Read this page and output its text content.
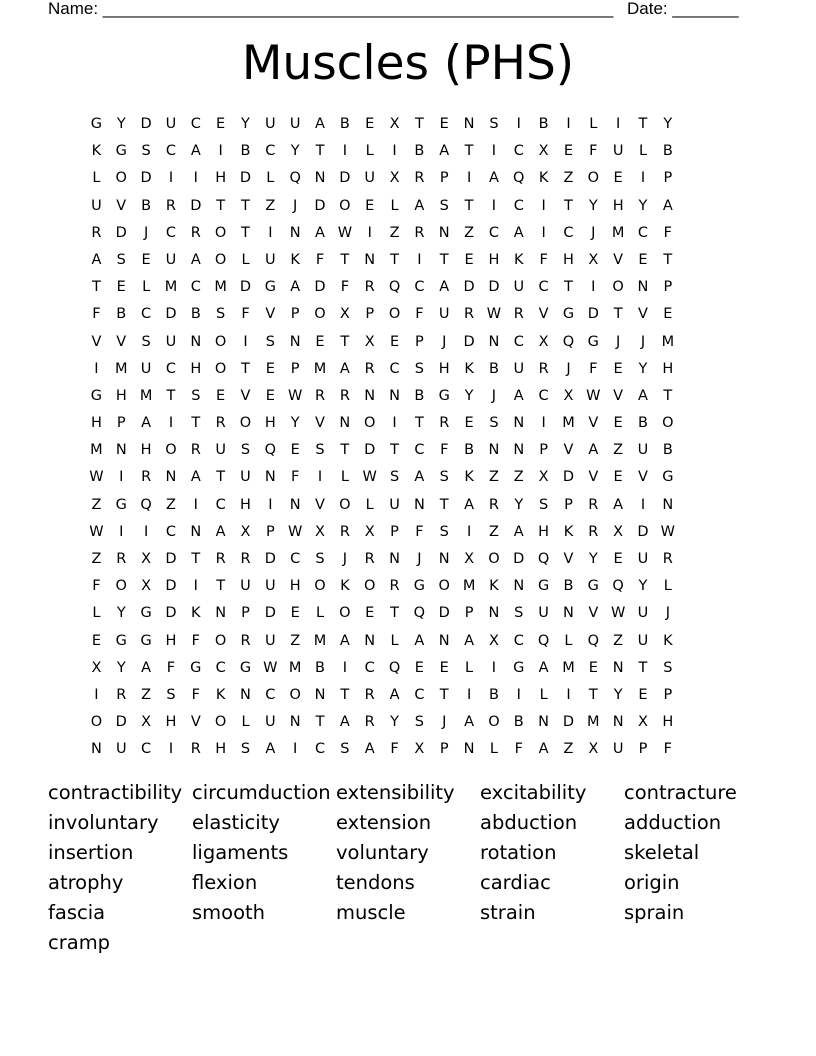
Name: ______________________________________________________ Date: _______
Muscles (PHS)
G	Y	D U C	E	Y	U U	A	B	E	X	T	E	N	S	I	B	I	L	I	T	Y
K G	S	C	A	I	B	C	Y	T	I	L	I	B	A	T	I	C	X	E	F	U	L	B
L	O D	I	I	H D	L	Q N D U	X	R	P	I	A Q K	Z O	E	I	P
U	V	B	R D	T	T	Z	J	D O	E	L	A	S	T	I	C	I	T	Y	H	Y	A
R D	J	C	R O	T	I	N A W	I	Z	R N Z	C	A	I	C	J	M C	F
A	S	E	U	A O	L	U	K	F	T	N	T	I	T	E	H	K	F	H X	V	E	T
T	E	L	M C M D G A D	F	R Q C	A D D U C	T	I	O N	P
F	B	C D B	S	F	V	P	O X	P	O	F	U R W R	V G D	T	V	E
V	V	S	U N O	I	S	N	E	T	X	E	P	J	D N C	X Q G	J	J	M
I	M U C H O	T	E	P M A	R	C	S	H	K	B	U R	J	F	E	Y	H
G H M T	S	E	V	E W R	R N N B G	Y	J	A	C	X W V	A	T
H	P	A	I	T	R O H	Y	V N O	I	T	R	E	S	N	I	M V	E	B O
M N H O R	U	S	Q	E	S	T	D	T	C	F	B N N	P	V	A	Z	U	B
W	I	R N A	T	U N	F	I	L W S	A	S	K	Z	Z	X D V	E	V G
Z G Q Z	I	C H	I	N V O	L	U N	T	A	R	Y	S	P	R	A	I	N
W	I	I	C N A	X	P W X	R	X	P	F	S	I	Z	A H	K	R	X D W
Z	R	X D	T	R	R D C	S	J	R N	J	N X O D Q V	Y	E	U R
F	O X D	I	T	U U H O K O R G O M K	N G B G Q	Y	L
L	Y	G D	K	N	P	D	E	L	O	E	T	Q D	P	N	S	U N V W U	J
E	G G H	F	O R	U	Z M A N	L	A N A	X	C Q	L	Q Z	U	K
X	Y	A	F	G C G W M B	I	C Q	E	E	L	I	G A M E	N	T	S
I	R	Z	S	F	K	N C O N	T	R	A	C	T	I	B	I	L	I	T	Y	E	P
O D X H V O	L	U N	T	A	R	Y	S	J	A O B N D M N X H
N U C	I	R H	S	A	I	C	S	A	F	X	P	N	L	F	A	Z	X	U	P	F
contractibility circumduction extensibility	excitability	contracture
involuntary	elasticity	extension	abduction	adduction
insertion	ligaments	voluntary	rotation	skeletal
atrophy	flexion	tendons	cardiac	origin
fascia	smooth	muscle	strain	sprain
cramp
